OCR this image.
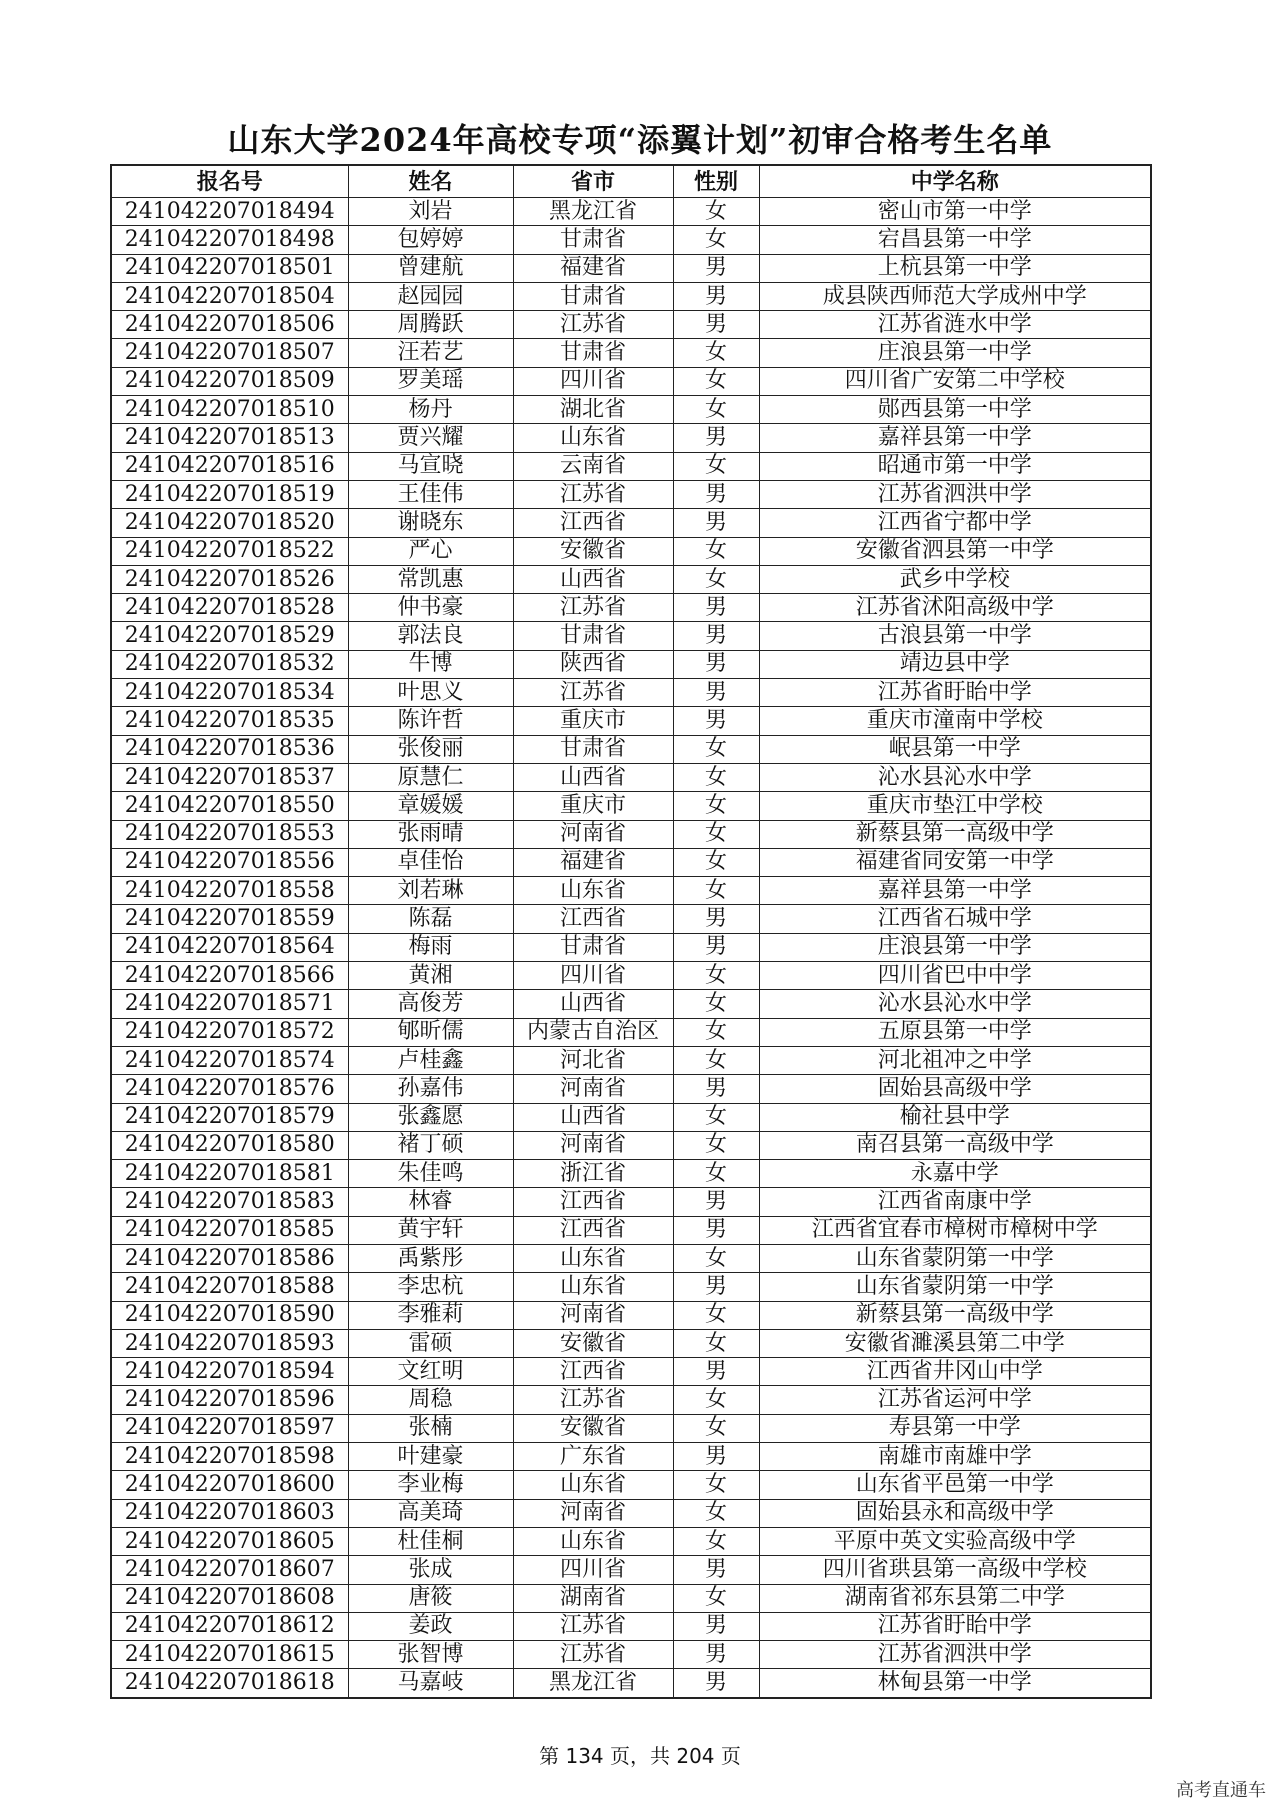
山东大学2024年高校专项“添翼计划”初审合格考生名单
报名号	姓名	省市	性别	中学名称
241042207018494	刘岩	黑龙江省	女	密山市第一中学
241042207018498	包婷婷	甘肃省	女	宕昌县第一中学
241042207018501	曾建航	福建省	男	上杭县第一中学
241042207018504	赵园园	甘肃省	男	成县陕西师范大学成州中学
241042207018506	周腾跃	江苏省	男	江苏省涟水中学
241042207018507	汪若艺	甘肃省	女	庄浪县第一中学
241042207018509	罗美瑶	四川省	女	四川省广安第二中学校
241042207018510	杨丹	湖北省	女	郧西县第一中学
241042207018513	贾兴耀	山东省	男	嘉祥县第一中学
241042207018516	马宣晓	云南省	女	昭通市第一中学
241042207018519	王佳伟	江苏省	男	江苏省泗洪中学
241042207018520	谢晓东	江西省	男	江西省宁都中学
241042207018522	严心	安徽省	女	安徽省泗县第一中学
241042207018526	常凯惠	山西省	女	武乡中学校
241042207018528	仲书豪	江苏省	男	江苏省沭阳高级中学
241042207018529	郭法良	甘肃省	男	古浪县第一中学
241042207018532	牛博	陕西省	男	靖边县中学
241042207018534	叶思义	江苏省	男	江苏省盱眙中学
241042207018535	陈许哲	重庆市	男	重庆市潼南中学校
241042207018536	张俊丽	甘肃省	女	岷县第一中学
241042207018537	原慧仁	山西省	女	沁水县沁水中学
241042207018550	章媛媛	重庆市	女	重庆市垫江中学校
241042207018553	张雨晴	河南省	女	新蔡县第一高级中学
241042207018556	卓佳怡	福建省	女	福建省同安第一中学
241042207018558	刘若琳	山东省	女	嘉祥县第一中学
241042207018559	陈磊	江西省	男	江西省石城中学
241042207018564	梅雨	甘肃省	男	庄浪县第一中学
241042207018566	黄湘	四川省	女	四川省巴中中学
241042207018571	高俊芳	山西省	女	沁水县沁水中学
241042207018572	郇昕儒	内蒙古自治区	女	五原县第一中学
241042207018574	卢桂鑫	河北省	女	河北祖冲之中学
241042207018576	孙嘉伟	河南省	男	固始县高级中学
241042207018579	张鑫愿	山西省	女	榆社县中学
241042207018580	褚丁硕	河南省	女	南召县第一高级中学
241042207018581	朱佳鸣	浙江省	女	永嘉中学
241042207018583	林睿	江西省	男	江西省南康中学
241042207018585	黄宇轩	江西省	男	江西省宜春市樟树市樟树中学
241042207018586	禹紫彤	山东省	女	山东省蒙阴第一中学
241042207018588	李忠杭	山东省	男	山东省蒙阴第一中学
241042207018590	李雅莉	河南省	女	新蔡县第一高级中学
241042207018593	雷硕	安徽省	女	安徽省濉溪县第二中学
241042207018594	文红明	江西省	男	江西省井冈山中学
241042207018596	周稳	江苏省	女	江苏省运河中学
241042207018597	张楠	安徽省	女	寿县第一中学
241042207018598	叶建豪	广东省	男	南雄市南雄中学
241042207018600	李业梅	山东省	女	山东省平邑第一中学
241042207018603	高美琦	河南省	女	固始县永和高级中学
241042207018605	杜佳桐	山东省	女	平原中英文实验高级中学
241042207018607	张成	四川省	男	四川省珙县第一高级中学校
241042207018608	唐筱	湖南省	女	湖南省祁东县第二中学
241042207018612	姜政	江苏省	男	江苏省盱眙中学
241042207018615	张智博	江苏省	男	江苏省泗洪中学
241042207018618	马嘉岐	黑龙江省	男	林甸县第一中学
第 134 页，共 204 页
高考直通车
